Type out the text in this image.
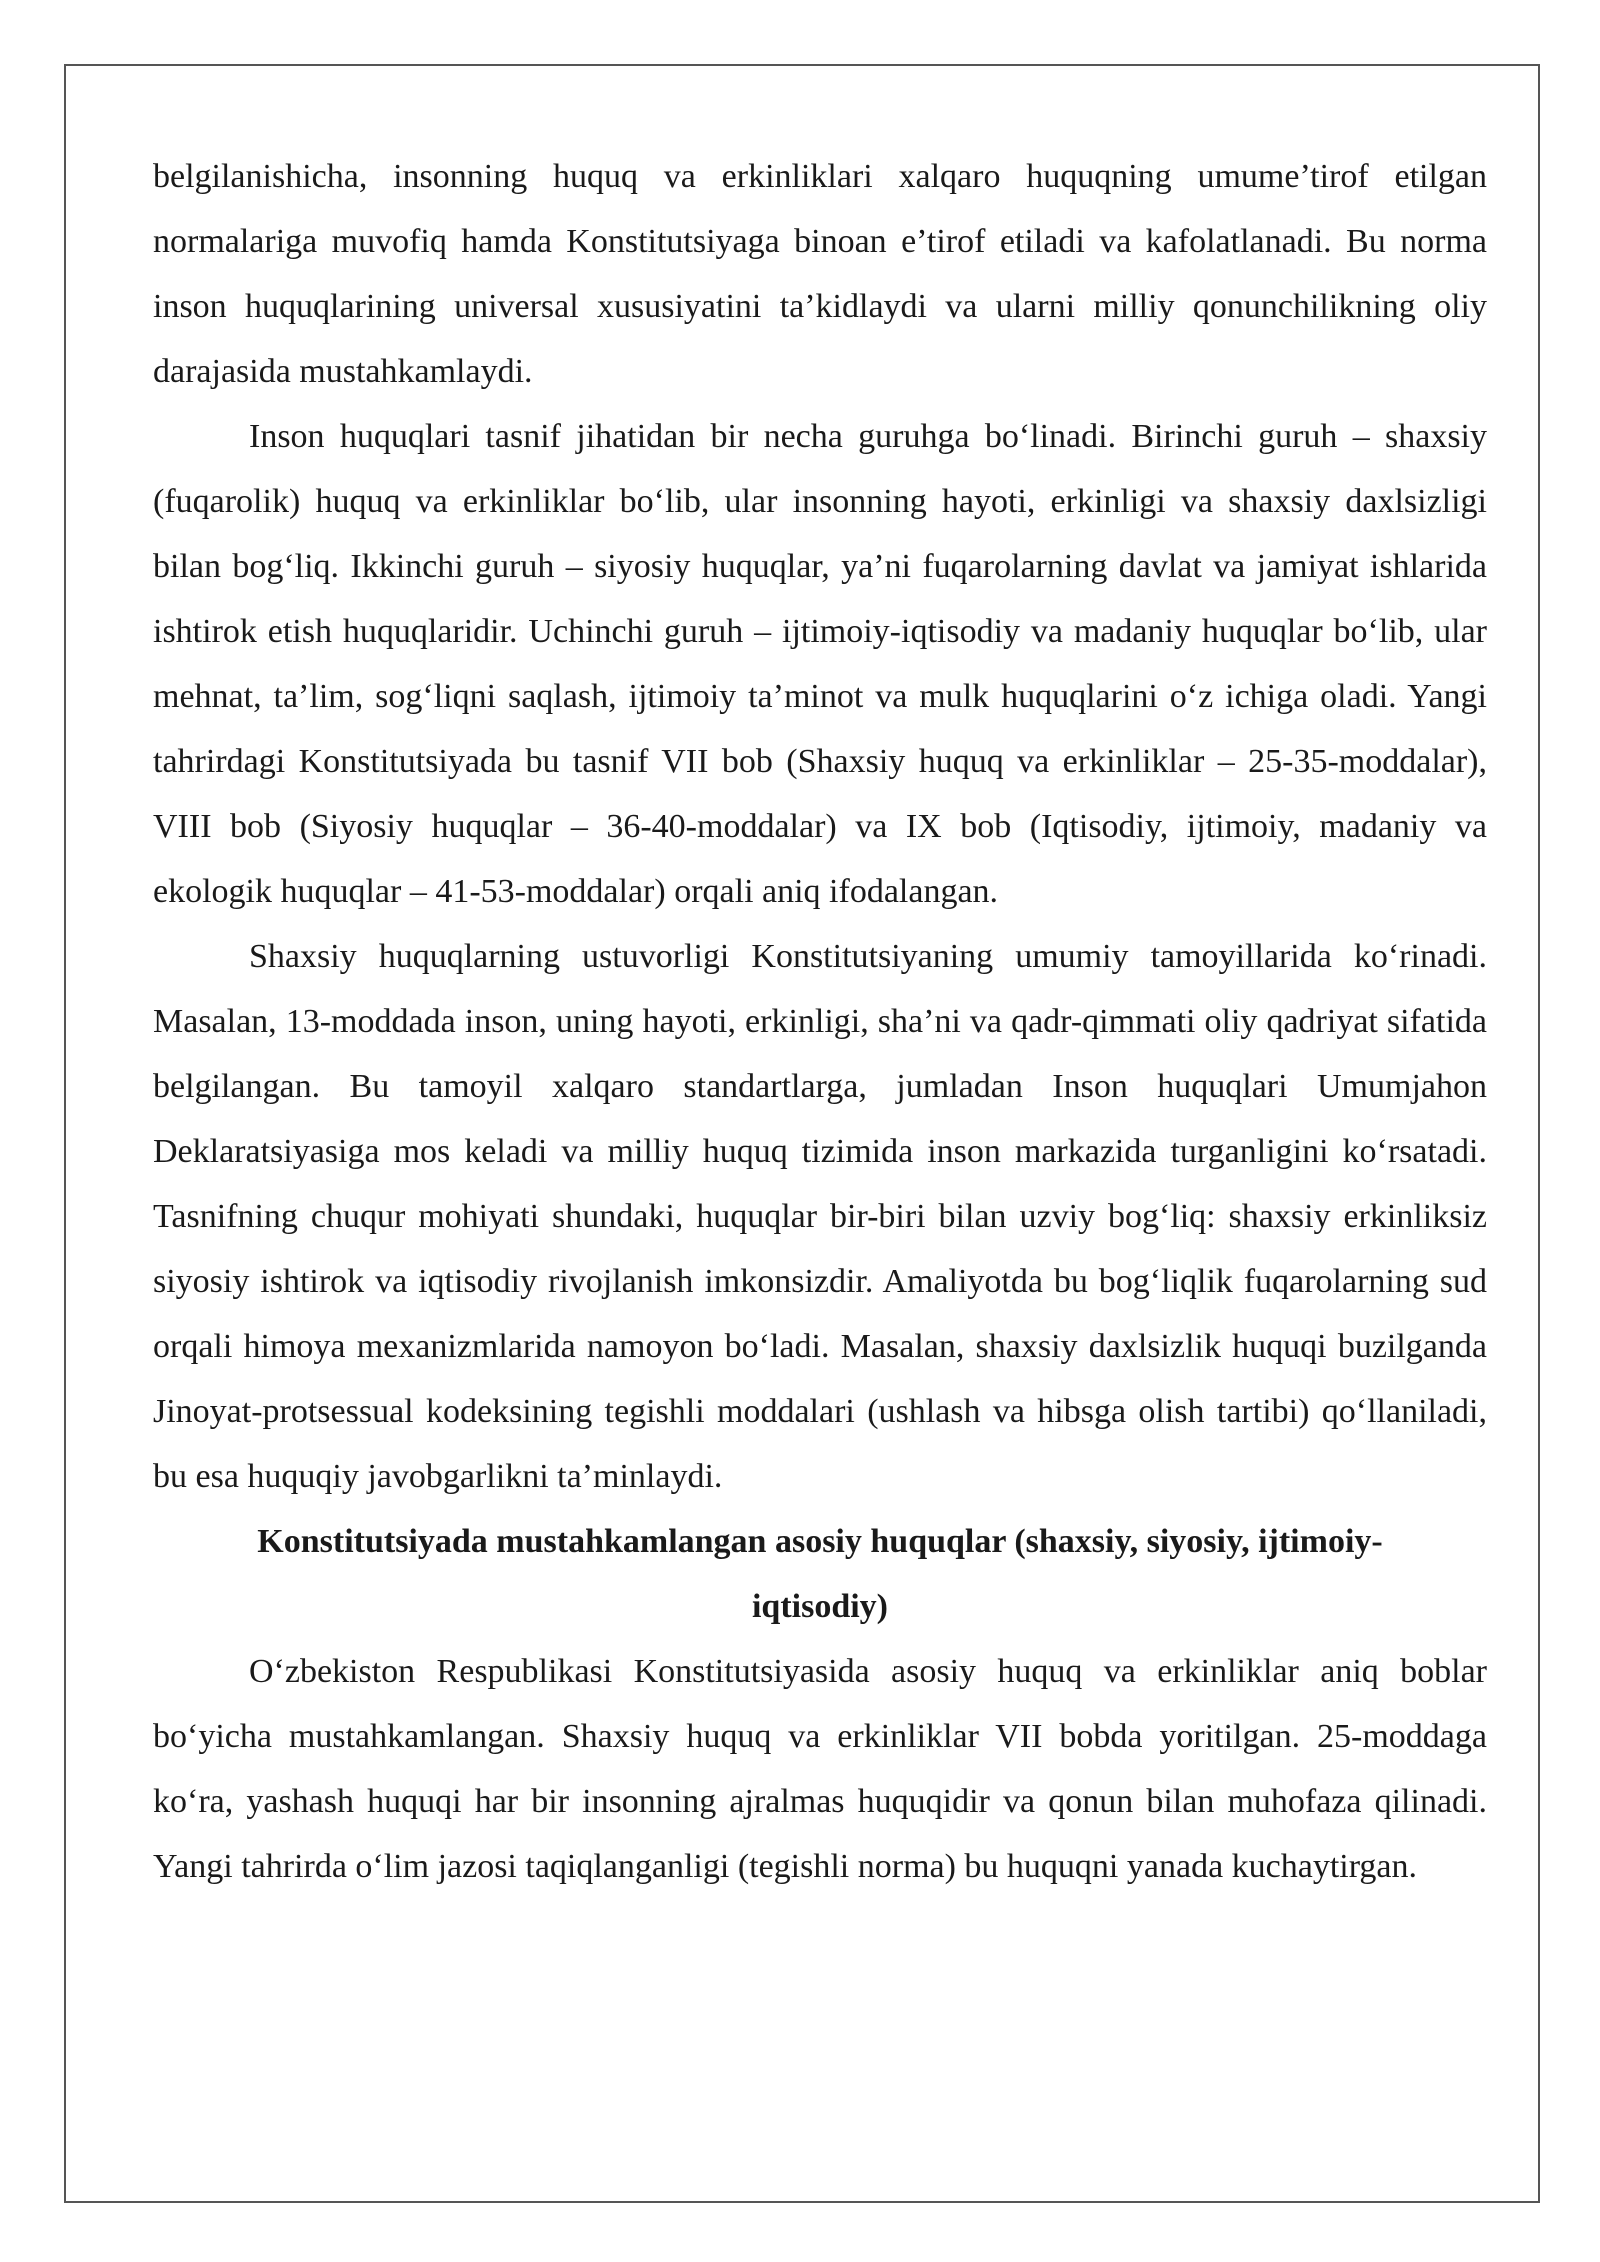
belgilanishicha, insonning huquq va erkinliklari xalqaro huquqning umume’tirof etilgan normalariga muvofiq hamda Konstitutsiyaga binoan e’tirof etiladi va kafolatlanadi. Bu norma inson huquqlarining universal xususiyatini ta’kidlaydi va ularni milliy qonunchilikning oliy darajasida mustahkamlaydi.

Inson huquqlari tasnif jihatidan bir necha guruhga bo‘linadi. Birinchi guruh – shaxsiy (fuqarolik) huquq va erkinliklar bo‘lib, ular insonning hayoti, erkinligi va shaxsiy daxlsizligi bilan bog‘liq. Ikkinchi guruh – siyosiy huquqlar, ya’ni fuqarolarning davlat va jamiyat ishlarida ishtirok etish huquqlaridir. Uchinchi guruh – ijtimoiy-iqtisodiy va madaniy huquqlar bo‘lib, ular mehnat, ta’lim, sog‘liqni saqlash, ijtimoiy ta’minot va mulk huquqlarini o‘z ichiga oladi. Yangi tahrirdagi Konstitutsiyada bu tasnif VII bob (Shaxsiy huquq va erkinliklar – 25-35-moddalar), VIII bob (Siyosiy huquqlar – 36-40-moddalar) va IX bob (Iqtisodiy, ijtimoiy, madaniy va ekologik huquqlar – 41-53-moddalar) orqali aniq ifodalangan.

Shaxsiy huquqlarning ustuvorligi Konstitutsiyaning umumiy tamoyillarida ko‘rinadi. Masalan, 13-moddada inson, uning hayoti, erkinligi, sha’ni va qadr-qimmati oliy qadriyat sifatida belgilangan. Bu tamoyil xalqaro standartlarga, jumladan Inson huquqlari Umumjahon Deklaratsiyasiga mos keladi va milliy huquq tizimida inson markazida turganligini ko‘rsatadi. Tasnifning chuqur mohiyati shundaki, huquqlar bir-biri bilan uzviy bog‘liq: shaxsiy erkinliksiz siyosiy ishtirok va iqtisodiy rivojlanish imkonsizdir. Amaliyotda bu bog‘liqlik fuqarolarning sud orqali himoya mexanizmlarida namoyon bo‘ladi. Masalan, shaxsiy daxlsizlik huquqi buzilganda Jinoyat-protsessual kodeksining tegishli moddalari (ushlash va hibsga olish tartibi) qo‘llaniladi, bu esa huquqiy javobgarlikni ta’minlaydi.

Konstitutsiyada mustahkamlangan asosiy huquqlar (shaxsiy, siyosiy, ijtimoiy-iqtisodiy)

O‘zbekiston Respublikasi Konstitutsiyasida asosiy huquq va erkinliklar aniq boblar bo‘yicha mustahkamlangan. Shaxsiy huquq va erkinliklar VII bobda yoritilgan. 25-moddaga ko‘ra, yashash huquqi har bir insonning ajralmas huquqidir va qonun bilan muhofaza qilinadi. Yangi tahrirda o‘lim jazosi taqiqlanganligi (tegishli norma) bu huquqni yanada kuchaytirgan.
